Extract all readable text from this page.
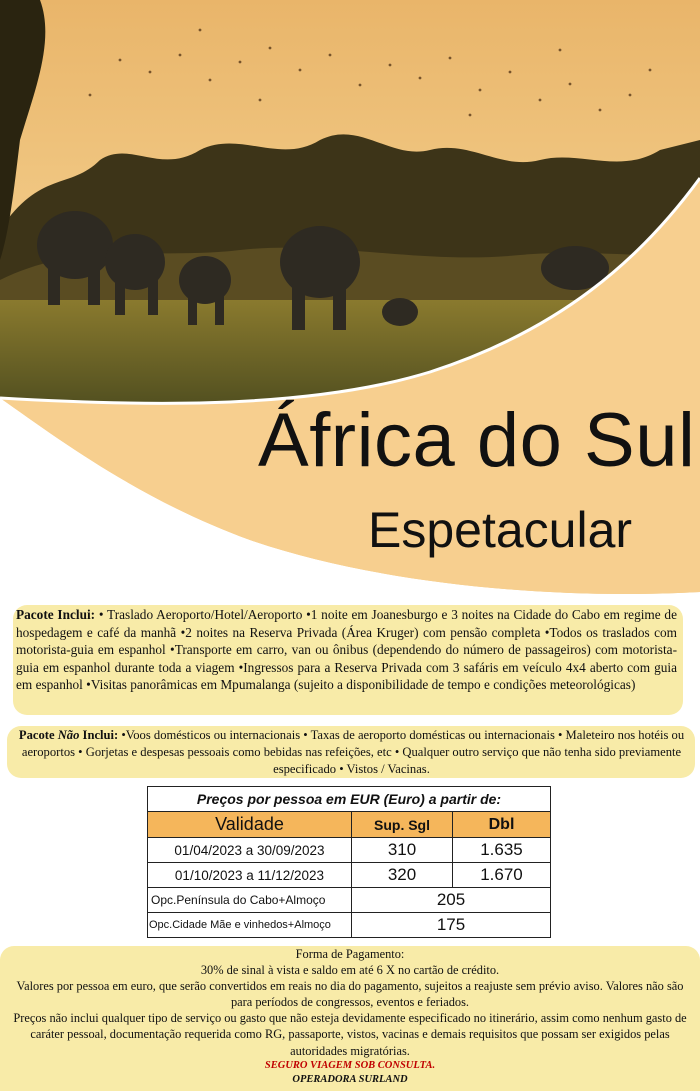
África do Sul
Espetacular
Pacote Inclui: • Traslado Aeroporto/Hotel/Aeroporto •1 noite em Joanesburgo e 3 noites na Cidade do Cabo em regime de hospedagem e café da manhã •2 noites na Reserva Privada (Área Kruger) com pensão completa •Todos os traslados com motorista-guia em espanhol •Transporte em carro, van ou ônibus (dependendo do número de passageiros) com motorista-guia em espanhol durante toda a viagem •Ingressos para a Reserva Privada com 3 safáris em veículo 4x4 aberto com guia em espanhol •Visitas panorâmicas em Mpumalanga (sujeito a disponibilidade de tempo e condições meteorológicas)
Pacote Não Inclui: •Voos domésticos ou internacionais • Taxas de aeroporto domésticas ou internacionais • Maleteiro nos hotéis ou aeroportos • Gorjetas e despesas pessoais como bebidas nas refeições, etc • Qualquer outro serviço que não tenha sido previamente especificado • Vistos / Vacinas.
Preços por pessoa em EUR (Euro) a partir de:		
Validade	Sup. Sgl	Dbl
01/04/2023 a 30/09/2023	310	1.635
01/10/2023 a 11/12/2023	320	1.670
Opc.Península do Cabo+Almoço	205	
Opc.Cidade Mãe e vinhedos+Almoço	175	
Forma de Pagamento:
30% de sinal à vista e saldo em até 6 X no cartão de crédito.
Valores por pessoa em euro, que serão convertidos em reais no dia do pagamento, sujeitos a reajuste sem prévio aviso. Valores não são para períodos de congressos, eventos e feriados.
Preços não inclui qualquer tipo de serviço ou gasto que não esteja devidamente especificado no itinerário, assim como nenhum gasto de caráter pessoal, documentação requerida como RG, passaporte, vistos, vacinas e demais requisitos que possam ser exigidos pelas autoridades migratórias.
SEGURO VIAGEM SOB CONSULTA.
OPERADORA SURLAND
